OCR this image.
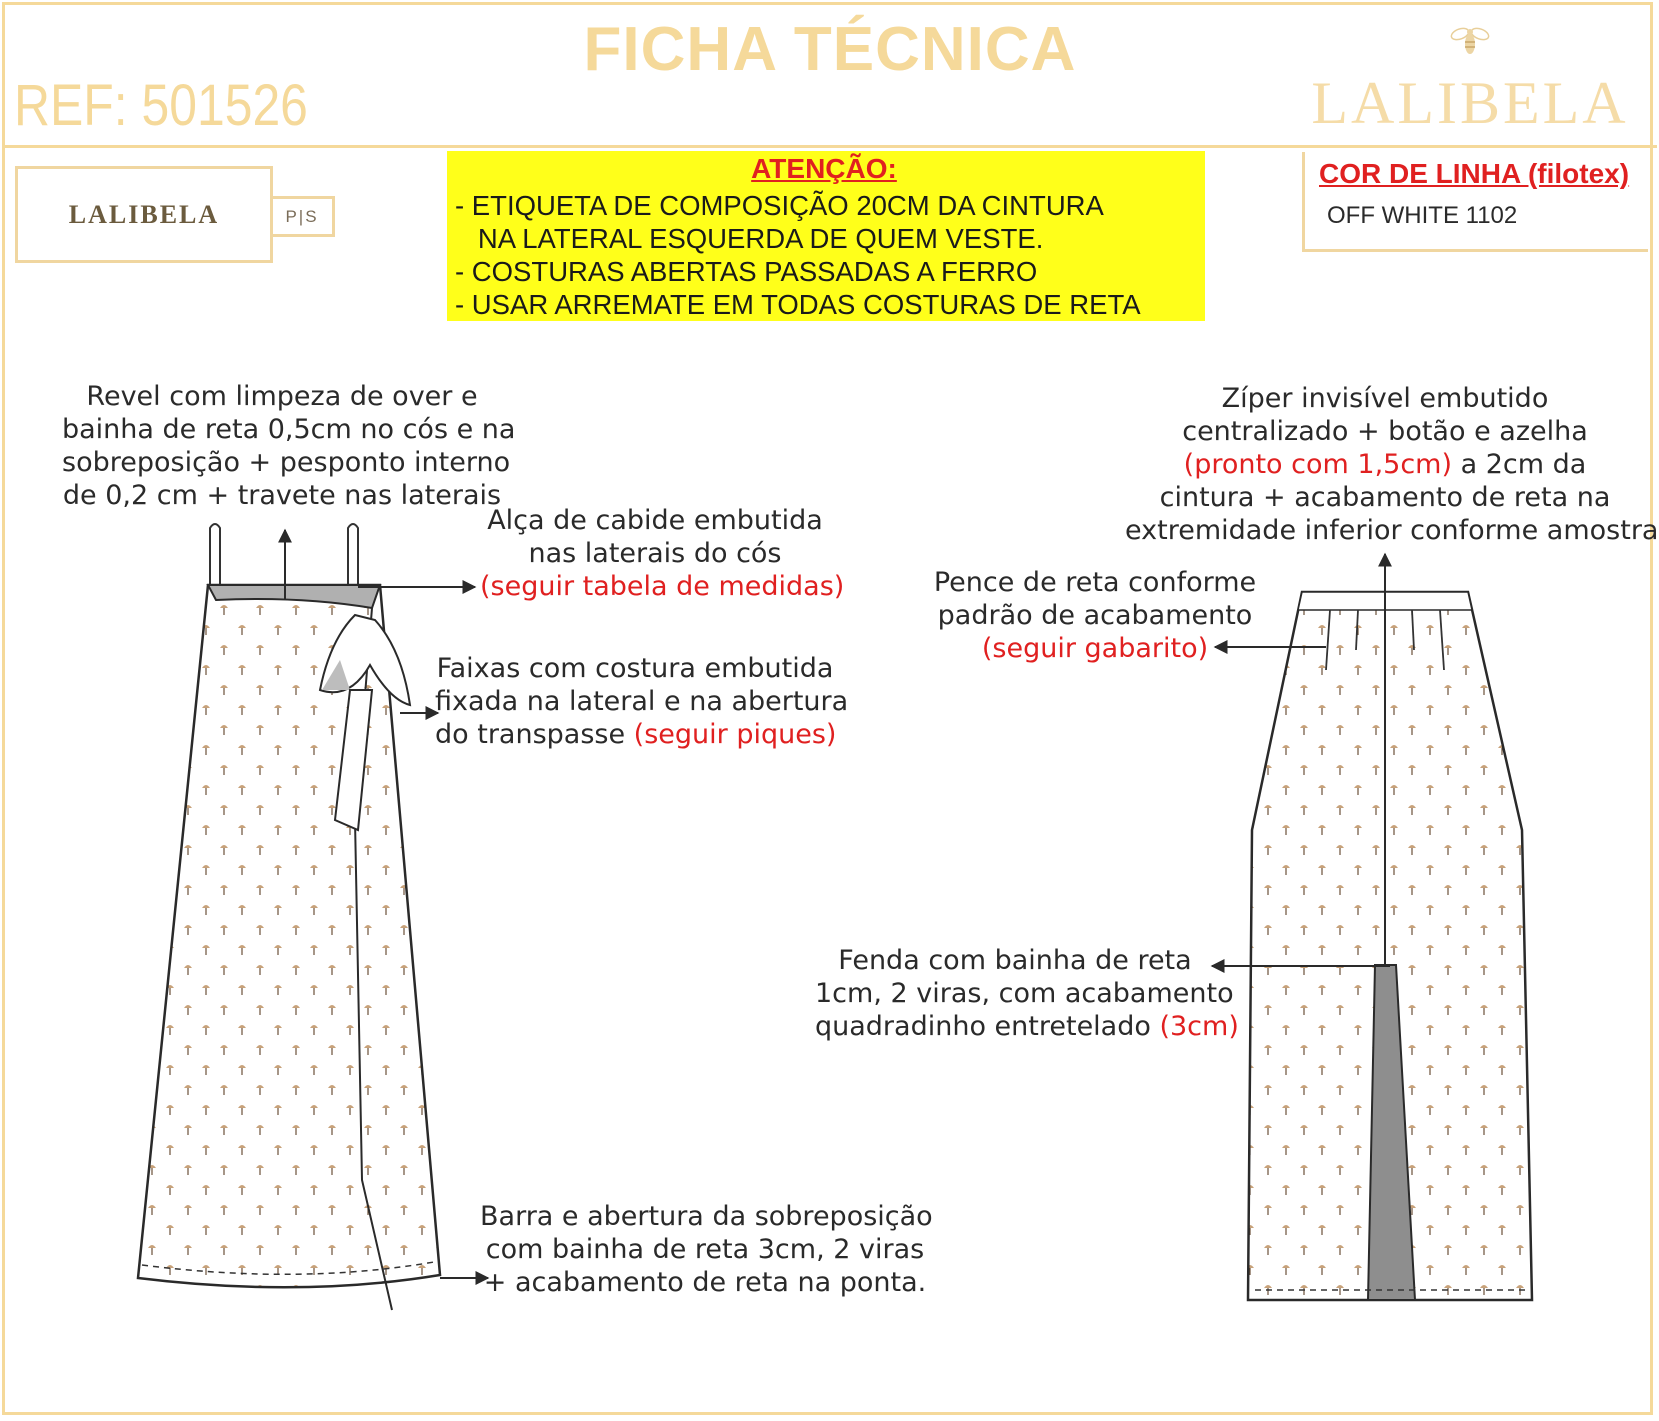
FICHA TÉCNICA
REF: 501526	LALIBELA
LALIBELA	P|S
ATENÇÃO:
- ETIQUETA DE COMPOSIÇÃO 20CM DA CINTURA
NA LATERAL ESQUERDA DE QUEM VESTE.
- COSTURAS ABERTAS PASSADAS A FERRO
- USAR ARREMATE EM TODAS COSTURAS DE RETA
COR DE LINHA (filotex)
OFF WHITE 1102
Revel com limpeza de over e
bainha de reta 0,5cm no cós e na
sobreposição + pesponto interno
de 0,2 cm + travete nas laterais
Alça de cabide embutida
nas laterais do cós
(seguir tabela de medidas)
Faixas com costura embutida
fixada na lateral e na abertura
do transpasse (seguir piques)
Barra e abertura da sobreposição
com bainha de reta 3cm, 2 viras
+ acabamento de reta na ponta.
Zíper invisível embutido
centralizado + botão e azelha
(pronto com 1,5cm) a 2cm da
cintura + acabamento de reta na
extremidade inferior conforme amostra
Pence de reta conforme
padrão de acabamento
(seguir gabarito)
Fenda com bainha de reta
1cm, 2 viras, com acabamento
quadradinho entretelado (3cm)
